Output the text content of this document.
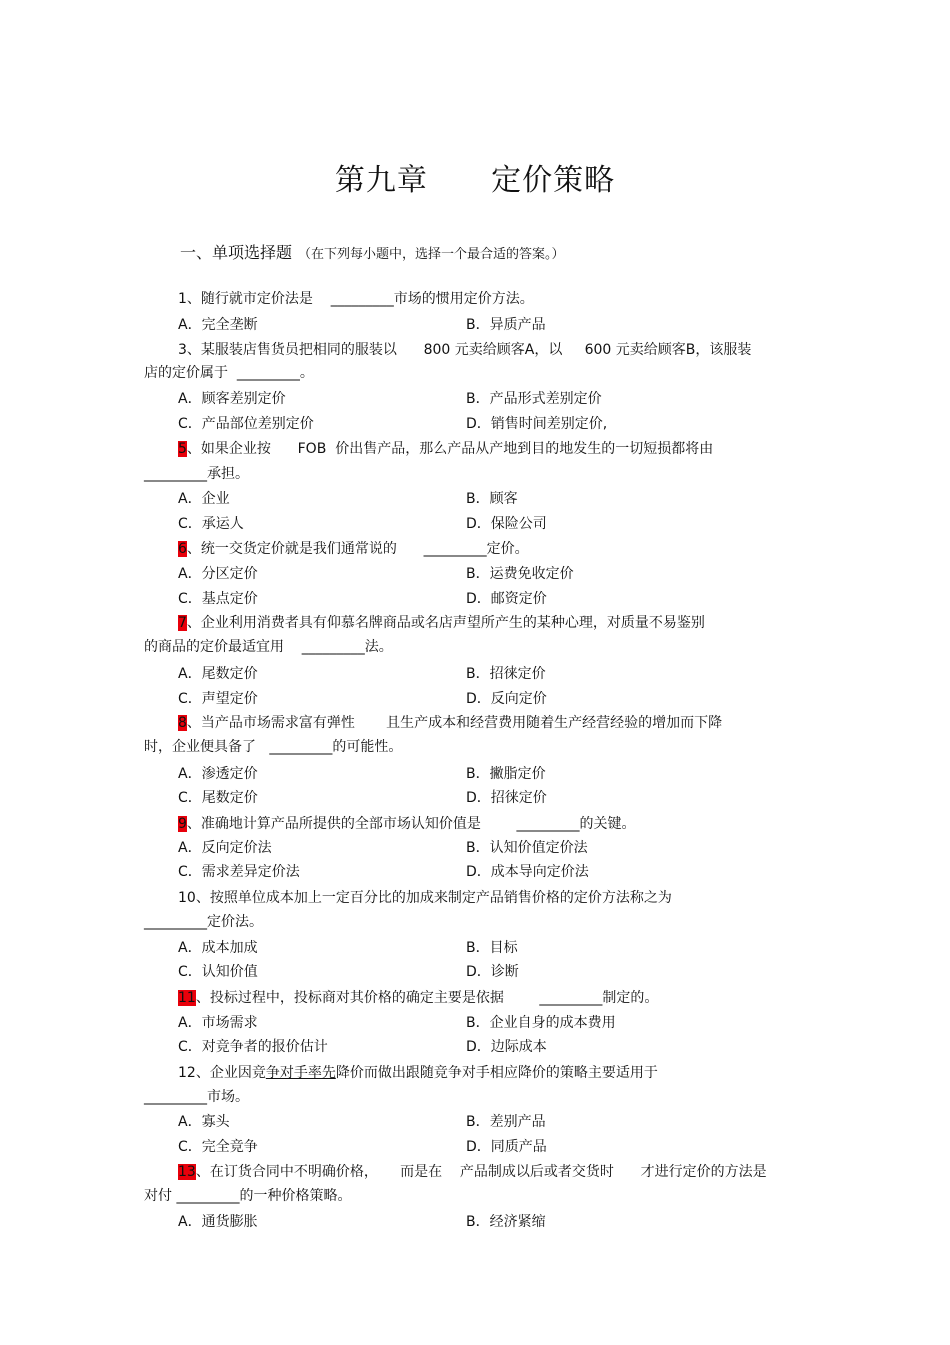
第九章      定价策略
一、单项选择题 （在下列每小题中，选择一个最合适的答案。）
1、随行就市定价法是    _________市场的惯用定价方法。
A．完全垄断	B．异质产品
3、某服装店售货员把相同的服装以      800 元卖给顾客A，以     600 元卖给顾客B，该服装
店的定价属于  _________。
A．顾客差别定价	B．产品形式差别定价
C．产品部位差别定价	D．销售时间差别定价,
5、如果企业按      FOB  价出售产品，那么产品从产地到目的地发生的一切短损都将由
_________承担。
A．企业	B．顾客
C．承运人	D．保险公司
6、统一交货定价就是我们通常说的      _________定价。
A．分区定价	B．运费免收定价
C．基点定价	D．邮资定价
7、企业利用消费者具有仰慕名牌商品或名店声望所产生的某种心理，对质量不易鉴别
的商品的定价最适宜用    _________法。
A．尾数定价	B．招徕定价
C．声望定价	D．反向定价
8、当产品市场需求富有弹性       且生产成本和经营费用随着生产经营经验的增加而下降
时，企业便具备了   _________的可能性。
A．渗透定价	B．撇脂定价
C．尾数定价	D．招徕定价
9、准确地计算产品所提供的全部市场认知价值是        _________的关键。
A．反向定价法	B．认知价值定价法
C．需求差异定价法	D．成本导向定价法
10、按照单位成本加上一定百分比的加成来制定产品销售价格的定价方法称之为
_________定价法。
A．成本加成	B．目标
C．认知价值	D．诊断
11、投标过程中，投标商对其价格的确定主要是依据        _________制定的。
A．市场需求	B．企业自身的成本费用
C．对竞争者的报价估计	D．边际成本
12、企业因竞争对手率先降价而做出跟随竞争对手相应降价的策略主要适用于
_________市场。
A．寡头	B．差别产品
C．完全竞争	D．同质产品
13、在订货合同中不明确价格，     而是在    产品制成以后或者交货时      才进行定价的方法是
对付 _________的一种价格策略。
A．通货膨胀	B．经济紧缩
